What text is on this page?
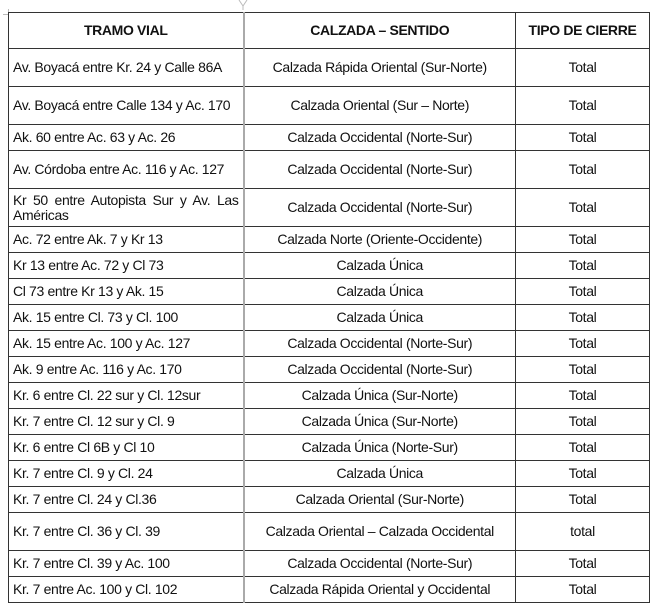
TRAMO VIAL	CALZADA – SENTIDO	TIPO DE CIERRE
Av. Boyacá entre Kr. 24 y Calle 86A	Calzada Rápida Oriental (Sur-Norte)	Total
Av. Boyacá entre Calle 134 y Ac. 170	Calzada Oriental (Sur – Norte)	Total
Ak. 60 entre Ac. 63 y Ac. 26	Calzada Occidental (Norte-Sur)	Total
Av. Córdoba entre Ac. 116 y Ac. 127	Calzada Occidental (Norte-Sur)	Total
Kr 50 entre Autopista Sur y Av. Las Américas	Calzada Occidental (Norte-Sur)	Total
Ac. 72 entre Ak. 7 y Kr 13	Calzada Norte (Oriente-Occidente)	Total
Kr 13 entre Ac. 72 y Cl 73	Calzada Única	Total
Cl 73 entre Kr 13 y Ak. 15	Calzada Única	Total
Ak. 15 entre Cl. 73 y Cl. 100	Calzada Única	Total
Ak. 15 entre Ac. 100 y Ac. 127	Calzada Occidental (Norte-Sur)	Total
Ak. 9 entre Ac. 116 y Ac. 170	Calzada Occidental (Norte-Sur)	Total
Kr. 6 entre Cl. 22 sur y Cl. 12sur	Calzada Única (Sur-Norte)	Total
Kr. 7 entre Cl. 12 sur y Cl. 9	Calzada Única (Sur-Norte)	Total
Kr. 6 entre Cl 6B y Cl 10	Calzada Única (Norte-Sur)	Total
Kr. 7 entre Cl. 9 y Cl. 24	Calzada Única	Total
Kr. 7 entre Cl. 24 y Cl.36	Calzada Oriental (Sur-Norte)	Total
Kr. 7 entre Cl. 36 y Cl. 39	Calzada Oriental – Calzada Occidental	total
Kr. 7 entre Cl. 39 y Ac. 100	Calzada Occidental (Norte-Sur)	Total
Kr. 7 entre Ac. 100 y Cl. 102	Calzada Rápida Oriental y Occidental	Total
